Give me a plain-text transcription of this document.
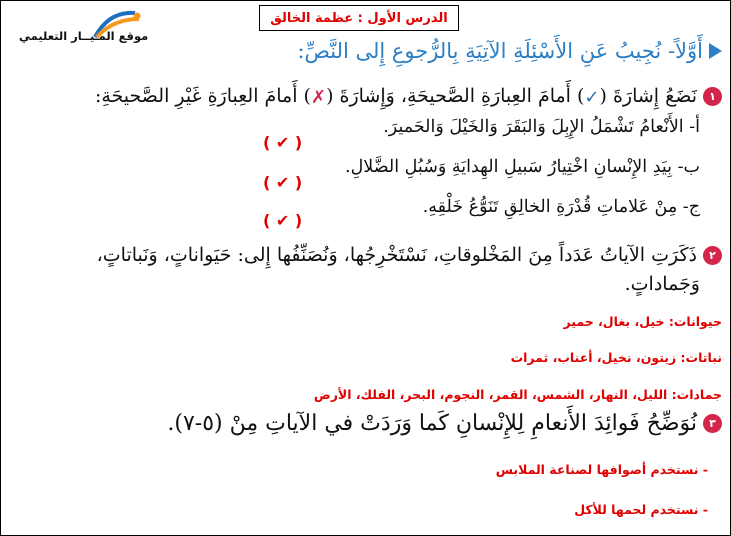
موقع المـيــار التعليمي
الدرس الأول : عظمة الخالق
أَوَّلاً- نُجِيبُ عَنِ الأَسْئِلَةِ الآتِيَةِ بِالرُّجوعِ إِلى النَّصِّ:
١
نَضَعُ إِشارَةَ (✓) أَمامَ العِبارَةِ الصَّحيحَةِ، وَإِشارَةَ (✗) أَمامَ العِبارَةِ غَيْرِ الصَّحيحَةِ:
أ- الأَنْعامُ تَشْمَلُ الإِبِلَ وَالبَقَرَ وَالخَيْلَ وَالحَميرَ.
( ✔ )
ب- بِيَدِ الإِنْسانِ اخْتِيارُ سَبيلِ الهِدايَةِ وَسُبُلِ الضَّلالِ.
( ✔ )
ج- مِنْ عَلاماتِ قُدْرَةِ الخالِقِ تَنَوُّعُ خَلْقِهِ.
( ✔ )
٢
ذَكَرَتِ الآياتُ عَدَداً مِنَ المَخْلوقاتِ، نَسْتَخْرِجُها، وَنُصَنِّفُها إِلى: حَيَواناتٍ، وَنَباتاتٍ،
وَجَماداتٍ.
حيوانات: خيل، بغال، حمير
نباتات: زيتون، نخيل، أعناب، ثمرات
جمادات: الليل، النهار، الشمس، القمر، النجوم، البحر، الفلك، الأرض
٣
نُوَضِّحُ فَوائِدَ الأَنعامِ لِلإِنْسانِ كَما وَرَدَتْ في الآياتِ مِنْ (٥-٧).
- نستخدم أصوافها لصناعة الملابس
- نستخدم لحمها للأكل
